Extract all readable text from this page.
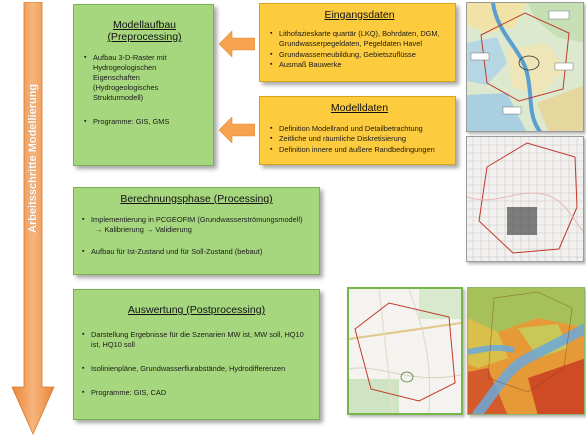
Arbeitsschritte Modellierung
Modellaufbau
(Preprocessing)
▪ Aufbau 3-D-Raster mit Hydrogeologischen Eigenschaften (Hydrogeologisches Strukturmodell)
▪ Programme: GIS, GMS
Eingangsdaten
▪ Lithofazieskarte quartär (LKQ), Bohrdaten, DGM, Grundwasserpegeldaten, Pegeldaten Havel
▪ Grundwasserneubildung, Gebietszuflüsse
▪ Ausmaß Bauwerke
Modelldaten
▪ Definition Modellrand und Detailbetrachtung
▪ Zeitliche und räumliche Diskretisierung
▪ Definition innere und äußere Randbedingungen
Berechnungsphase (Processing)
▪ Implementierung in PCGEOFIM (Grundwasserströmungsmodell)
→ Kalibrierung → Validierung
▪ Aufbau für Ist-Zustand und für Soll-Zustand (bebaut)
Auswertung (Postprocessing)
▪ Darstellung Ergebnisse für die Szenarien MW ist, MW soll, HQ10 ist, HQ10 soll
▪ Isolinienpläne, Grundwasserflurabstände, Hydrodifferenzen
▪ Programme: GIS, CAD
